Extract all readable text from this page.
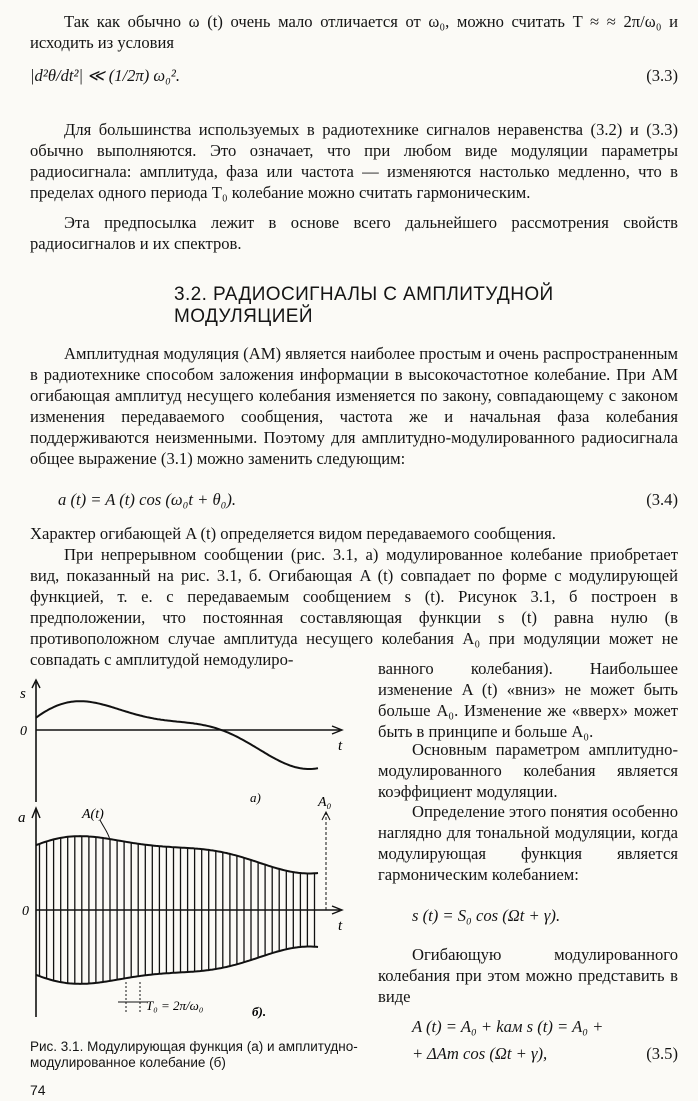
Так как обычно ω (t) очень мало отличается от ω₀, можно считать T ≈ ≈ 2π/ω₀ и исходить из условия

|d²θ/dt²| ≪ (1/2π) ω₀².	(3.3)

Для большинства используемых в радиотехнике сигналов неравенства (3.2) и (3.3) обычно выполняются. Это означает, что при любом виде модуляции параметры радиосигнала: амплитуда, фаза или частота — изменяются настолько медленно, что в пределах одного периода T₀ колебание можно считать гармоническим.

Эта предпосылка лежит в основе всего дальнейшего рассмотрения свойств радиосигналов и их спектров.

3.2. РАДИОСИГНАЛЫ С АМПЛИТУДНОЙ
МОДУЛЯЦИЕЙ

Амплитудная модуляция (АМ) является наиболее простым и очень распространенным в радиотехнике способом заложения информации в высокочастотное колебание. При АМ огибающая амплитуд несущего колебания изменяется по закону, совпадающему с законом изменения передаваемого сообщения, частота же и начальная фаза колебания поддерживаются неизменными. Поэтому для амплитудно-модулированного радиосигнала общее выражение (3.1) можно заменить следующим:

a (t) = A (t) cos (ω₀t + θ₀).	(3.4)

Характер огибающей A (t) определяется видом передаваемого сообщения.

При непрерывном сообщении (рис. 3.1, а) модулированное колебание приобретает вид, показанный на рис. 3.1, б. Огибающая A (t) совпадает по форме с модулирующей функцией, т. е. с передаваемым сообщением s (t). Рисунок 3.1, б построен в предположении, что постоянная составляющая функции s (t) равна нулю (в противоположном случае амплитуда несущего колебания A₀ при модуляции может не совпадать с амплитудой немодулиро-	ванного колебания). Наибольшее изменение A (t) «вниз» не может быть больше A₀. Изменение же «вверх» может быть в принципе и больше A₀.

Основным параметром амплитудно-модулированного колебания является коэффициент модуляции.

Определение этого понятия особенно наглядно для тональной модуляции, когда модулирующая функция является гармоническим колебанием:

s (t) = S₀ cos (Ωt + γ).

Огибающую модулированного колебания при этом можно представить в виде

A (t) = A₀ + kам s (t) = A₀ +
+ ΔAm cos (Ωt + γ),	(3.5)
s
0
t
а)
a	A(t)
A₀
0
t
T₀ = 2π/ω₀	б).
Рис. 3.1. Модулирующая функция (а) и амплитудно-модулированное колебание (б)
74
